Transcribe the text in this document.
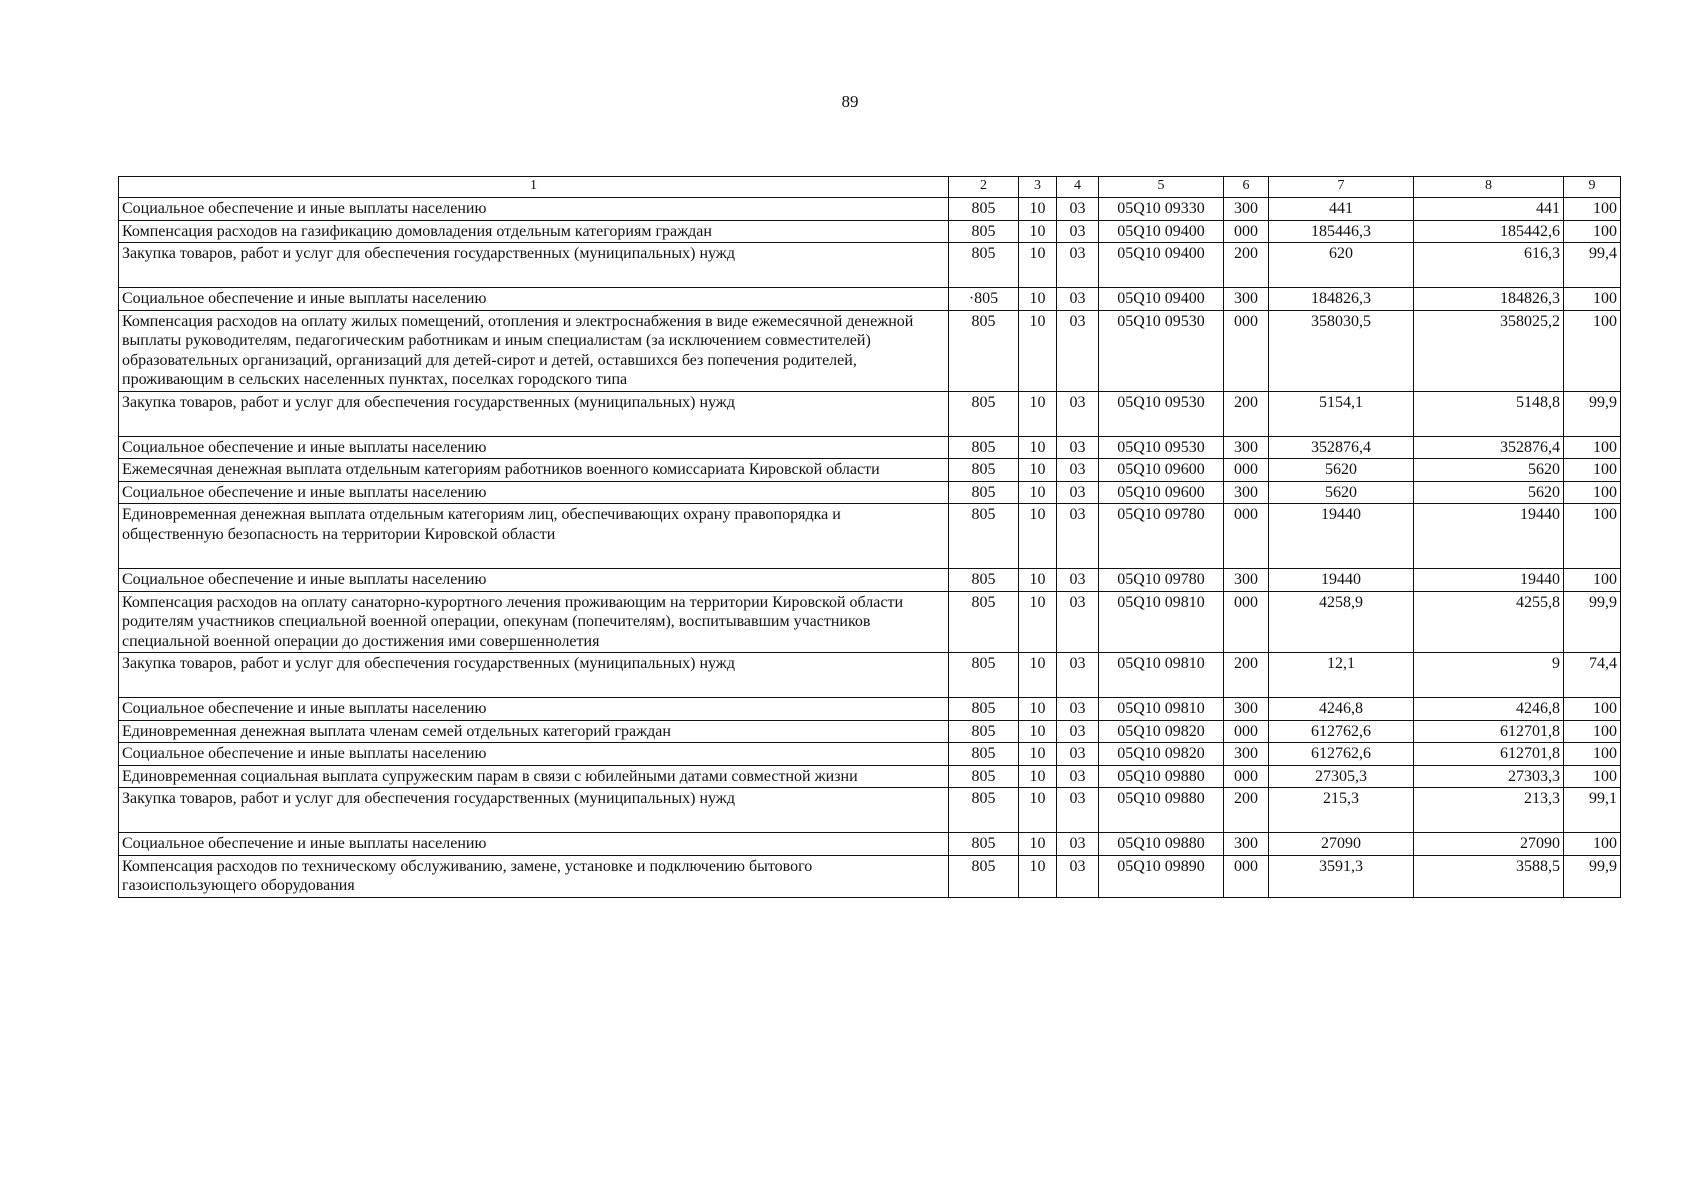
89
1	2	3	4	5	6	7	8	9
Социальное обеспечение и иные выплаты населению	805	10	03	05Q10 09330	300	441	441	100
Компенсация расходов на газификацию домовладения отдельным категориям граждан	805	10	03	05Q10 09400	000	185446,3	185442,6	100
Закупка товаров, работ и услуг для обеспечения государственных (муниципальных) нужд	805	10	03	05Q10 09400	200	620	616,3	99,4
Социальное обеспечение и иные выплаты населению	·805	10	03	05Q10 09400	300	184826,3	184826,3	100
Компенсация расходов на оплату жилых помещений, отопления и электроснабжения в виде ежемесячной денежной выплаты руководителям, педагогическим работникам и иным специалистам (за исключением совместителей) образовательных организаций, организаций для детей-сирот и детей, оставшихся без попечения родителей, проживающим в сельских населенных пунктах, поселках городского типа	805	10	03	05Q10 09530	000	358030,5	358025,2	100
Закупка товаров, работ и услуг для обеспечения государственных (муниципальных) нужд	805	10	03	05Q10 09530	200	5154,1	5148,8	99,9
Социальное обеспечение и иные выплаты населению	805	10	03	05Q10 09530	300	352876,4	352876,4	100
Ежемесячная денежная выплата отдельным категориям работников военного комиссариата Кировской области	805	10	03	05Q10 09600	000	5620	5620	100
Социальное обеспечение и иные выплаты населению	805	10	03	05Q10 09600	300	5620	5620	100
Единовременная денежная выплата отдельным категориям лиц, обеспечивающих охрану правопорядка и общественную безопасность на территории Кировской области	805	10	03	05Q10 09780	000	19440	19440	100
Социальное обеспечение и иные выплаты населению	805	10	03	05Q10 09780	300	19440	19440	100
Компенсация расходов на оплату санаторно-курортного лечения проживающим на территории Кировской области родителям участников специальной военной операции, опекунам (попечителям), воспитывавшим участников специальной военной операции до достижения ими совершеннолетия	805	10	03	05Q10 09810	000	4258,9	4255,8	99,9
Закупка товаров, работ и услуг для обеспечения государственных (муниципальных) нужд	805	10	03	05Q10 09810	200	12,1	9	74,4
Социальное обеспечение и иные выплаты населению	805	10	03	05Q10 09810	300	4246,8	4246,8	100
Единовременная денежная выплата членам семей отдельных категорий граждан	805	10	03	05Q10 09820	000	612762,6	612701,8	100
Социальное обеспечение и иные выплаты населению	805	10	03	05Q10 09820	300	612762,6	612701,8	100
Единовременная социальная выплата супружеским парам в связи с юбилейными датами совместной жизни	805	10	03	05Q10 09880	000	27305,3	27303,3	100
Закупка товаров, работ и услуг для обеспечения государственных (муниципальных) нужд	805	10	03	05Q10 09880	200	215,3	213,3	99,1
Социальное обеспечение и иные выплаты населению	805	10	03	05Q10 09880	300	27090	27090	100
Компенсация расходов по техническому обслуживанию, замене, установке и подключению бытового газоиспользующего оборудования	805	10	03	05Q10 09890	000	3591,3	3588,5	99,9
